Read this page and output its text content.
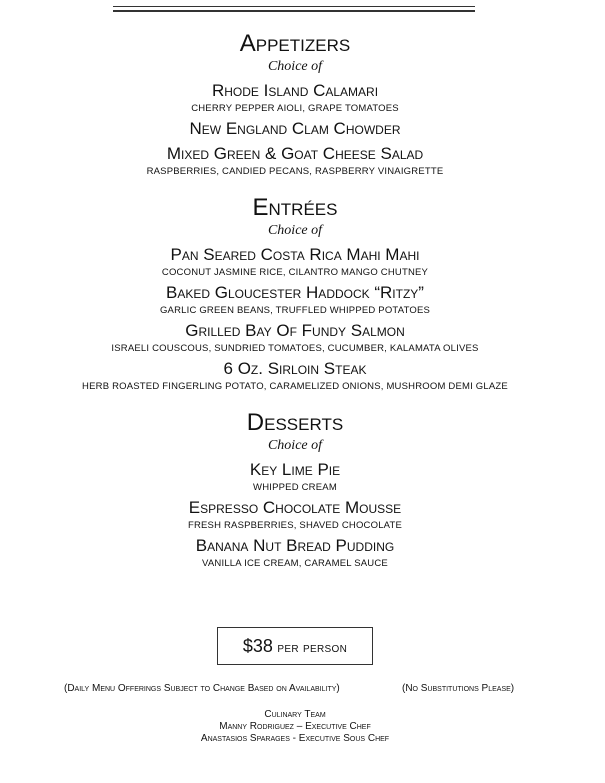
Appetizers
Choice of
Rhode Island Calamari
CHERRY PEPPER AIOLI, GRAPE TOMATOES
New England Clam Chowder
Mixed Green & Goat Cheese Salad
RASPBERRIES, CANDIED PECANS, RASPBERRY VINAIGRETTE
Entrées
Choice of
Pan Seared Costa Rica Mahi Mahi
COCONUT JASMINE RICE, CILANTRO MANGO CHUTNEY
Baked Gloucester Haddock “Ritzy”
GARLIC GREEN BEANS, TRUFFLED WHIPPED POTATOES
Grilled Bay Of Fundy Salmon
ISRAELI COUSCOUS, SUNDRIED TOMATOES, CUCUMBER, KALAMATA OLIVES
6 Oz. Sirloin Steak
HERB ROASTED FINGERLING POTATO, CARAMELIZED ONIONS, MUSHROOM DEMI GLAZE
Desserts
Choice of
Key Lime Pie
WHIPPED CREAM
Espresso Chocolate Mousse
FRESH RASPBERRIES, SHAVED CHOCOLATE
Banana Nut Bread Pudding
VANILLA ICE CREAM, CARAMEL SAUCE
$38 per person
(Daily Menu Offerings Subject to Change Based on Availability)	(No Substitutions Please)
Culinary Team
Manny Rodriguez – Executive Chef
Anastasios Sparages - Executive Sous Chef
